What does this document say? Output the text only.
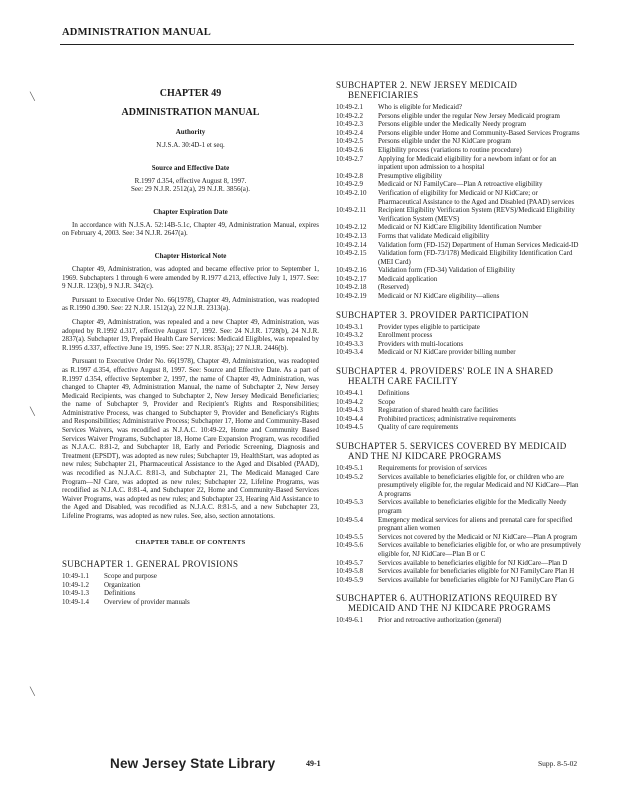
ADMINISTRATION MANUAL
╲
╲
╲
CHAPTER 49
ADMINISTRATION MANUAL
Authority
N.J.S.A. 30:4D-1 et seq.
Source and Effective Date
R.1997 d.354, effective August 8, 1997.
See: 29 N.J.R. 2512(a), 29 N.J.R. 3856(a).
Chapter Expiration Date
In accordance with N.J.S.A. 52:14B-5.1c, Chapter 49, Administration Manual, expires on February 4, 2003. See: 34 N.J.R. 2647(a).
Chapter Historical Note
Chapter 49, Administration, was adopted and became effective prior to September 1, 1969. Subchapters 1 through 6 were amended by R.1977 d.213, effective July 1, 1977. See: 9 N.J.R. 123(b), 9 N.J.R. 342(c).
Pursuant to Executive Order No. 66(1978), Chapter 49, Administration, was readopted as R.1990 d.390. See: 22 N.J.R. 1512(a), 22 N.J.R. 2313(a).
Chapter 49, Administration, was repealed and a new Chapter 49, Administration, was adopted by R.1992 d.317, effective August 17, 1992. See: 24 N.J.R. 1728(b), 24 N.J.R. 2837(a). Subchapter 19, Prepaid Health Care Services: Medicaid Eligibles, was repealed by R.1995 d.337, effective June 19, 1995. See: 27 N.J.R. 853(a); 27 N.J.R. 2446(b).
Pursuant to Executive Order No. 66(1978), Chapter 49, Administration, was readopted as R.1997 d.354, effective August 8, 1997. See: Source and Effective Date. As a part of R.1997 d.354, effective September 2, 1997, the name of Chapter 49, Administration, was changed to Chapter 49, Administration Manual, the name of Subchapter 2, New Jersey Medicaid Recipients, was changed to Subchapter 2, New Jersey Medicaid Beneficiaries; the name of Subchapter 9, Provider and Recipient's Rights and Responsibilities; Administrative Process, was changed to Subchapter 9, Provider and Beneficiary's Rights and Responsibilities; Administrative Process; Subchapter 17, Home and Community-Based Services Waivers, was recodified as N.J.A.C. 10:49-22, Home and Community Based Services Waiver Programs, Subchapter 18, Home Care Expansion Program, was recodified as N.J.A.C. 8:81-2, and Subchapter 18, Early and Periodic Screening, Diagnosis and Treatment (EPSDT), was adopted as new rules; Subchapter 19, HealthStart, was adopted as new rules; Subchapter 21, Pharmaceutical Assistance to the Aged and Disabled (PAAD), was recodified as N.J.A.C. 8:81-3, and Subchapter 21, The Medicaid Managed Care Program—NJ Care, was adopted as new rules; Subchapter 22, Lifeline Programs, was recodified as N.J.A.C. 8:81-4, and Subchapter 22, Home and Community-Based Services Waiver Programs, was adopted as new rules; and Subchapter 23, Hearing Aid Assistance to the Aged and Disabled, was recodified as N.J.A.C. 8:81-5, and a new Subchapter 23, Lifeline Programs, was adopted as new rules. See, also, section annotations.
CHAPTER TABLE OF CONTENTS
SUBCHAPTER 1. GENERAL PROVISIONS
10:49-1.1	Scope and purpose
10:49-1.2	Organization
10:49-1.3	Definitions
10:49-1.4	Overview of provider manuals
SUBCHAPTER 2. NEW JERSEY MEDICAID
BENEFICIARIES
10:49-2.1	Who is eligible for Medicaid?
10:49-2.2	Persons eligible under the regular New Jersey Medicaid program
10:49-2.3	Persons eligible under the Medically Needy program
10:49-2.4	Persons eligible under Home and Community-Based Services Programs
10:49-2.5	Persons eligible under the NJ KidCare program
10:49-2.6	Eligibility process (variations to routine procedure)
10:49-2.7	Applying for Medicaid eligibility for a newborn infant or for an inpatient upon admission to a hospital
10:49-2.8	Presumptive eligibility
10:49-2.9	Medicaid or NJ FamilyCare—Plan A retroactive eligibility
10:49-2.10	Verification of eligibility for Medicaid or NJ KidCare; or Pharmaceutical Assistance to the Aged and Disabled (PAAD) services
10:49-2.11	Recipient Eligibility Verification System (REVS)/Medicaid Eligibility Verification System (MEVS)
10:49-2.12	Medicaid or NJ KidCare Eligibility Identification Number
10:49-2.13	Forms that validate Medicaid eligibility
10:49-2.14	Validation form (FD-152) Department of Human Services Medicaid-ID
10:49-2.15	Validation form (FD-73/178) Medicaid Eligibility Identification Card (MEI Card)
10:49-2.16	Validation form (FD-34) Validation of Eligibility
10:49-2.17	Medicaid application
10:49-2.18	(Reserved)
10:49-2.19	Medicaid or NJ KidCare eligibility—aliens
SUBCHAPTER 3. PROVIDER PARTICIPATION
10:49-3.1	Provider types eligible to participate
10:49-3.2	Enrollment process
10:49-3.3	Providers with multi-locations
10:49-3.4	Medicaid or NJ KidCare provider billing number
SUBCHAPTER 4. PROVIDERS' ROLE IN A SHARED
HEALTH CARE FACILITY
10:49-4.1	Definitions
10:49-4.2	Scope
10:49-4.3	Registration of shared health care facilities
10:49-4.4	Prohibited practices; administrative requirements
10:49-4.5	Quality of care requirements
SUBCHAPTER 5. SERVICES COVERED BY MEDICAID
AND THE NJ KIDCARE PROGRAMS
10:49-5.1	Requirements for provision of services
10:49-5.2	Services available to beneficiaries eligible for, or children who are presumptively eligible for, the regular Medicaid and NJ KidCare—Plan A programs
10:49-5.3	Services available to beneficiaries eligible for the Medically Needy program
10:49-5.4	Emergency medical services for aliens and prenatal care for specified pregnant alien women
10:49-5.5	Services not covered by the Medicaid or NJ KidCare—Plan A program
10:49-5.6	Services available to beneficiaries eligible for, or who are presumptively eligible for, NJ KidCare—Plan B or C
10:49-5.7	Services available to beneficiaries eligible for NJ KidCare—Plan D
10:49-5.8	Services available for beneficiaries eligible for NJ FamilyCare Plan H
10:49-5.9	Services available for beneficiaries eligible for NJ FamilyCare Plan G
SUBCHAPTER 6. AUTHORIZATIONS REQUIRED BY
MEDICAID AND THE NJ KIDCARE PROGRAMS
10:49-6.1	Prior and retroactive authorization (general)
New Jersey State Library	49-1	Supp. 8-5-02
